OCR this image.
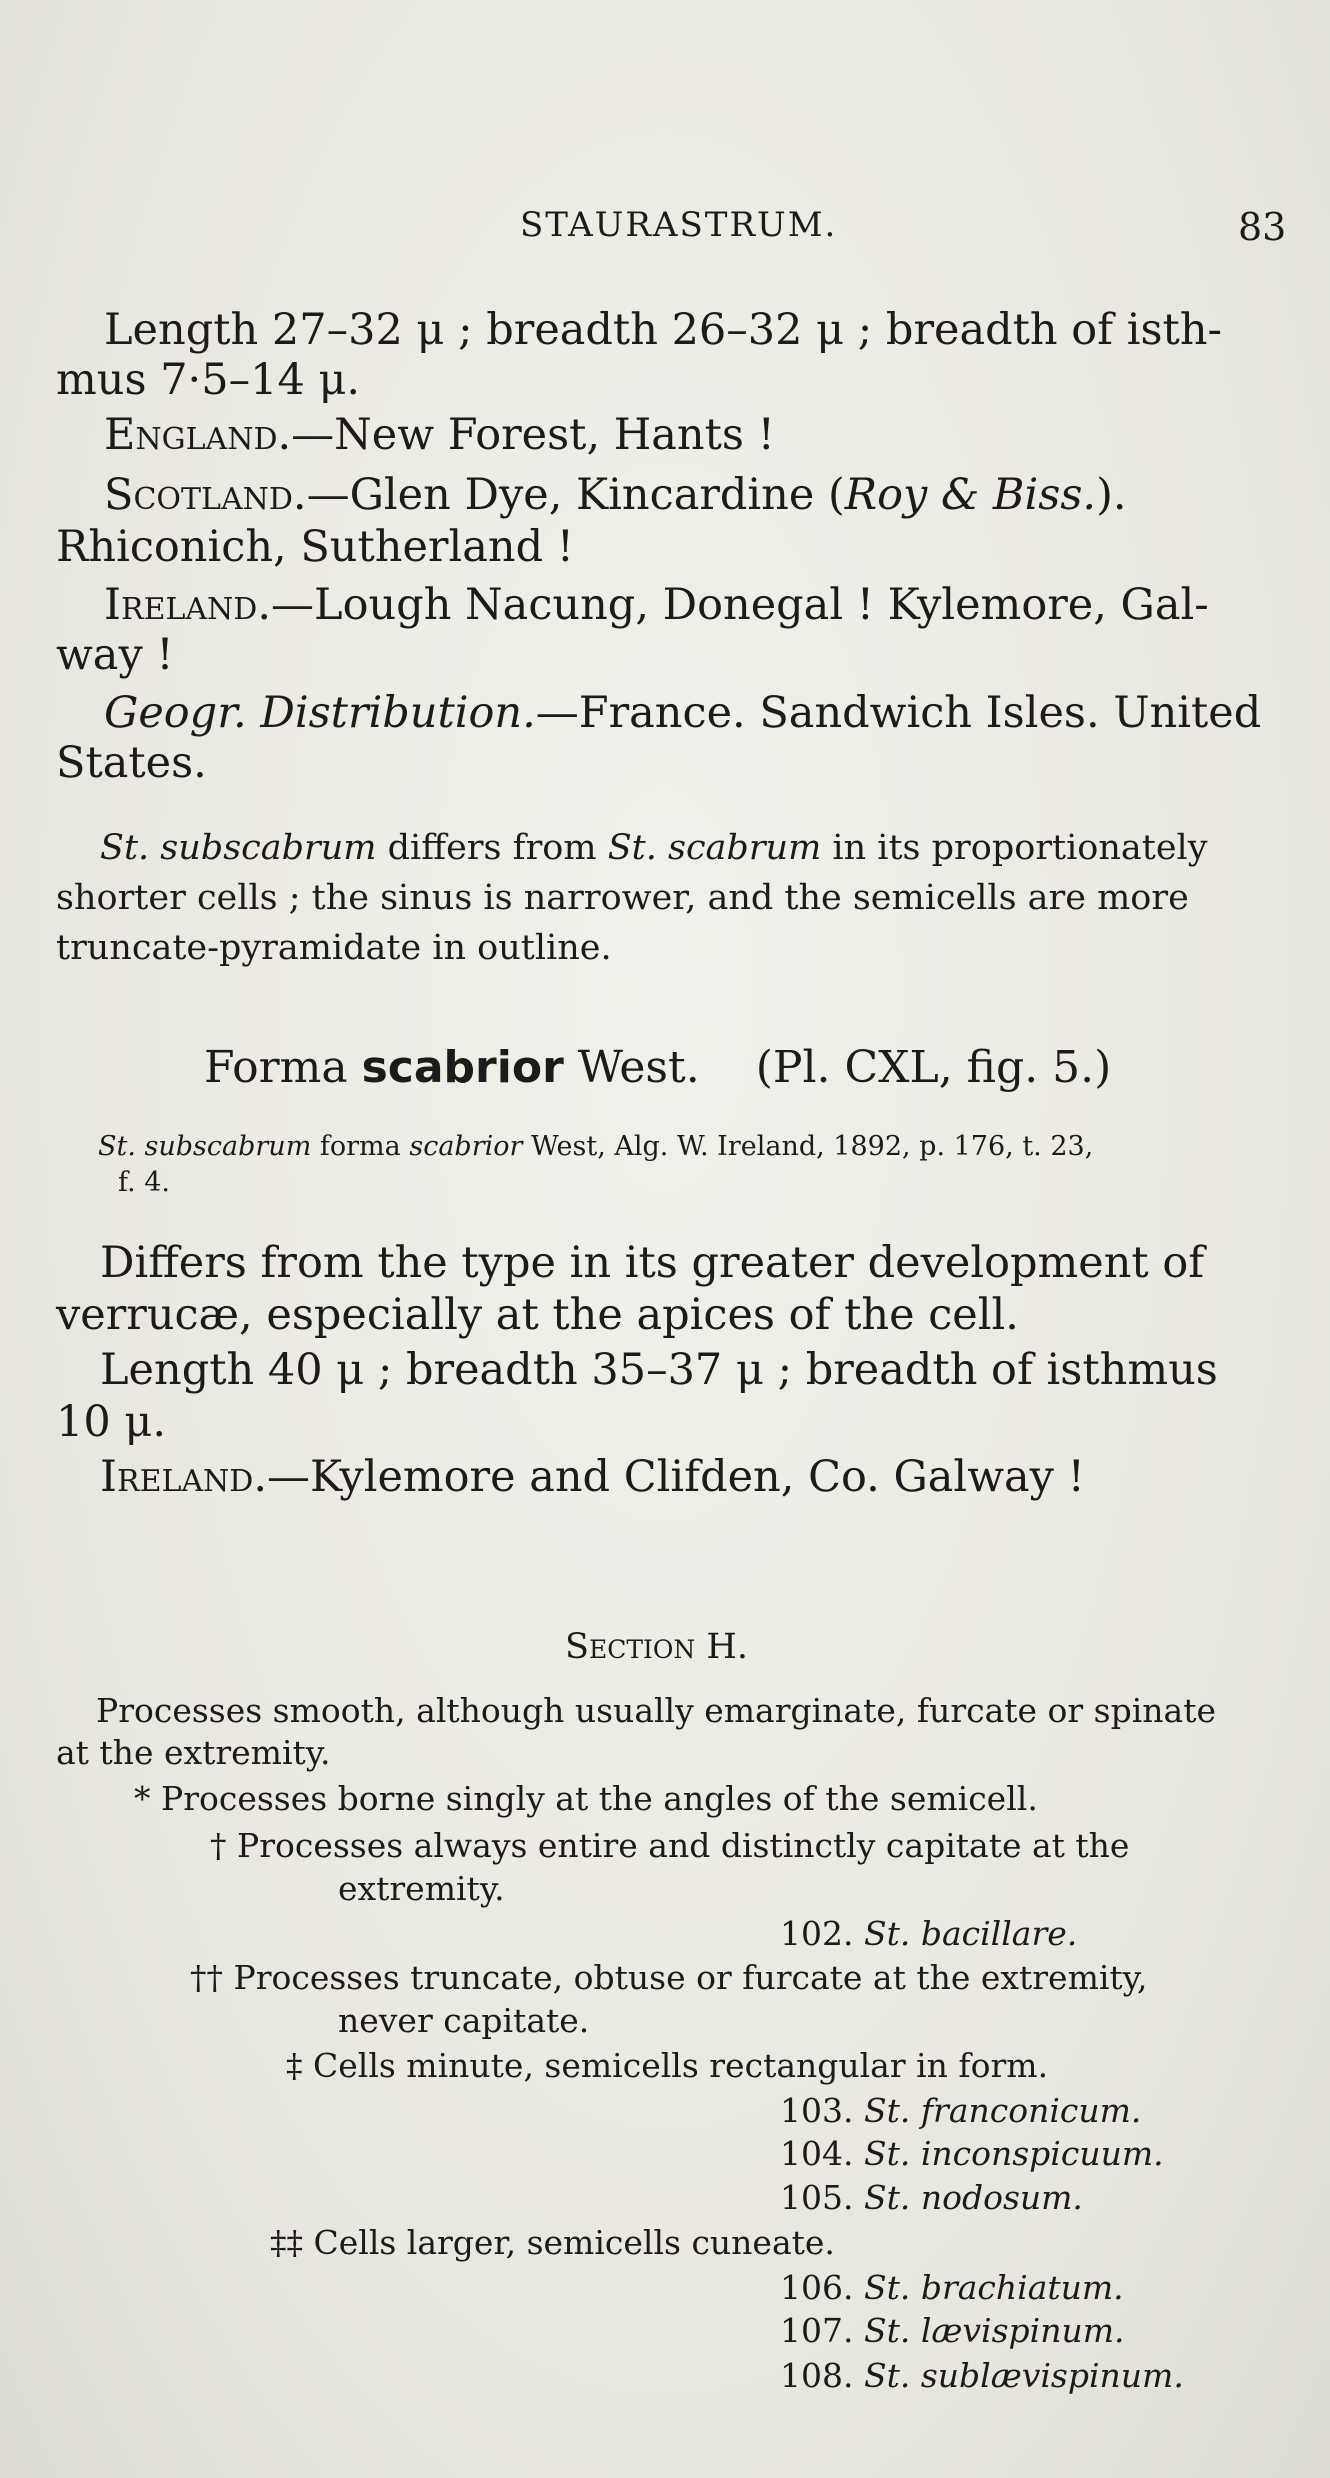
STAURASTRUM.	83
Length 27–32 μ ; breadth 26–32 μ ; breadth of isth-
mus 7·5–14 μ.
England.—New Forest, Hants !
Scotland.—Glen Dye, Kincardine (Roy & Biss.).
Rhiconich, Sutherland !
Ireland.—Lough Nacung, Donegal ! Kylemore, Gal-
way !
Geogr. Distribution.—France. Sandwich Isles. United
States.
St. subscabrum differs from St. scabrum in its proportionately
shorter cells ; the sinus is narrower, and the semicells are more
truncate-pyramidate in outline.
Forma scabrior West. (Pl. CXL, fig. 5.)
St. subscabrum forma scabrior West, Alg. W. Ireland, 1892, p. 176, t. 23,
f. 4.
Differs from the type in its greater development of
verrucæ, especially at the apices of the cell.
Length 40 μ ; breadth 35–37 μ ; breadth of isthmus
10 μ.
Ireland.—Kylemore and Clifden, Co. Galway !
Section H.
Processes smooth, although usually emarginate, furcate or spinate
at the extremity.
* Processes borne singly at the angles of the semicell.
† Processes always entire and distinctly capitate at the
extremity.
102. St. bacillare.
†† Processes truncate, obtuse or furcate at the extremity,
never capitate.
‡ Cells minute, semicells rectangular in form.
103. St. franconicum.
104. St. inconspicuum.
105. St. nodosum.
‡‡ Cells larger, semicells cuneate.
106. St. brachiatum.
107. St. lævispinum.
108. St. sublævispinum.
